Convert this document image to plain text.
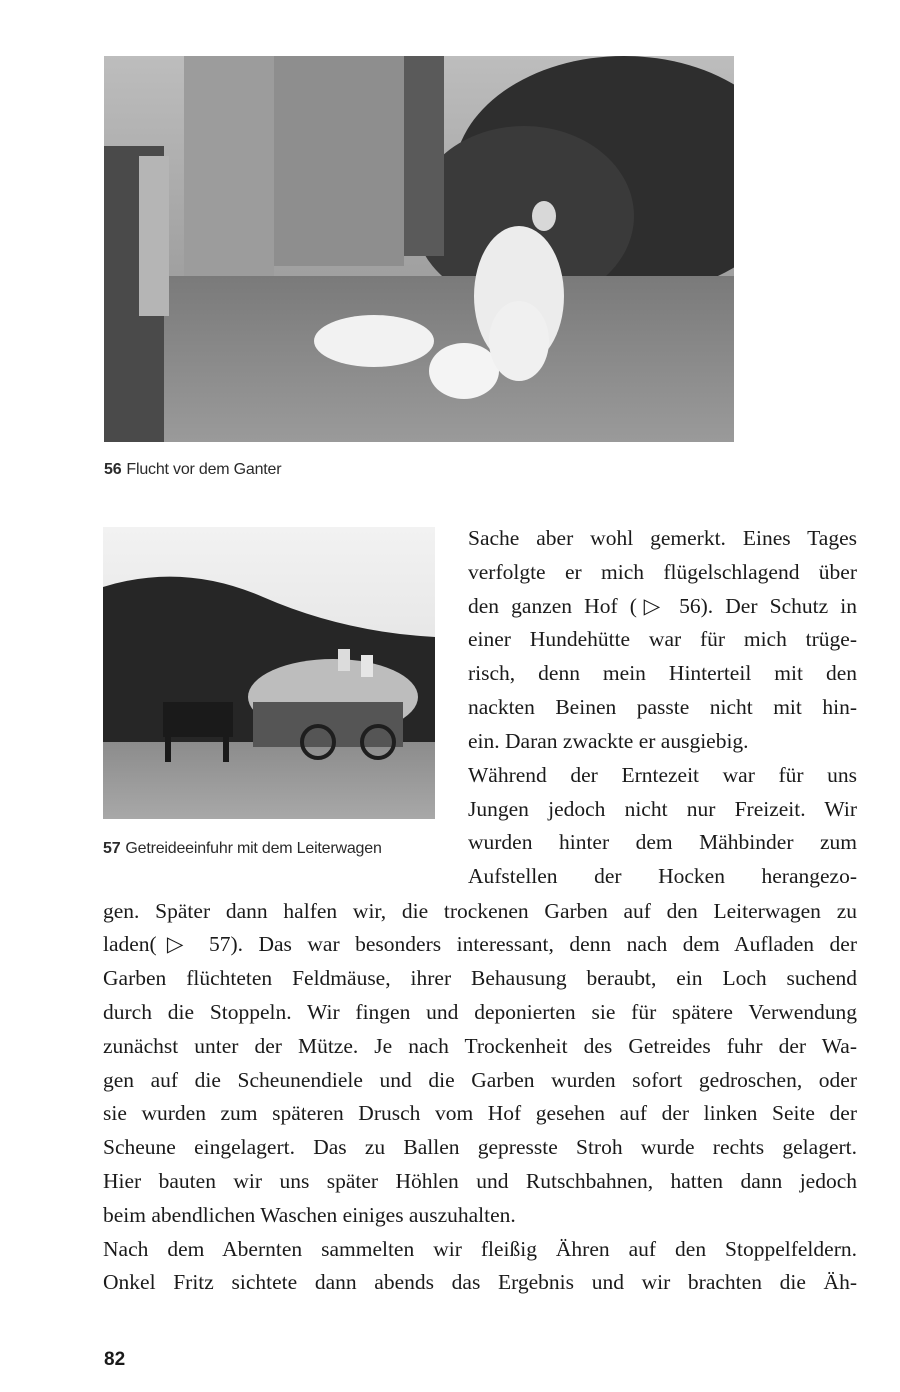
56 Flucht vor dem Ganter
57 Getreideeinfuhr mit dem Leiterwagen
Sache aber wohl gemerkt. Eines Tages
verfolgte er mich flügelschlagend über
den ganzen Hof (▷ 56). Der Schutz in
einer Hundehütte war für mich trüge-
risch, denn mein Hinterteil mit den
nackten Beinen passte nicht mit hin-
ein. Daran zwackte er ausgiebig.
Während der Erntezeit war für uns
Jungen jedoch nicht nur Freizeit. Wir
wurden hinter dem Mähbinder zum
Aufstellen der Hocken herangezo-
gen. Später dann halfen wir, die trockenen Garben auf den Leiterwagen zu
laden(▷ 57). Das war besonders interessant, denn nach dem Aufladen der
Garben flüchteten Feldmäuse, ihrer Behausung beraubt, ein Loch suchend
durch die Stoppeln. Wir fingen und deponierten sie für spätere Verwendung
zunächst unter der Mütze. Je nach Trockenheit des Getreides fuhr der Wa-
gen auf die Scheunendiele und die Garben wurden sofort gedroschen, oder
sie wurden zum späteren Drusch vom Hof gesehen auf der linken Seite der
Scheune eingelagert. Das zu Ballen gepresste Stroh wurde rechts gelagert.
Hier bauten wir uns später Höhlen und Rutschbahnen, hatten dann jedoch
beim abendlichen Waschen einiges auszuhalten.
Nach dem Abernten sammelten wir fleißig Ähren auf den Stoppelfeldern.
Onkel Fritz sichtete dann abends das Ergebnis und wir brachten die Äh-
82
